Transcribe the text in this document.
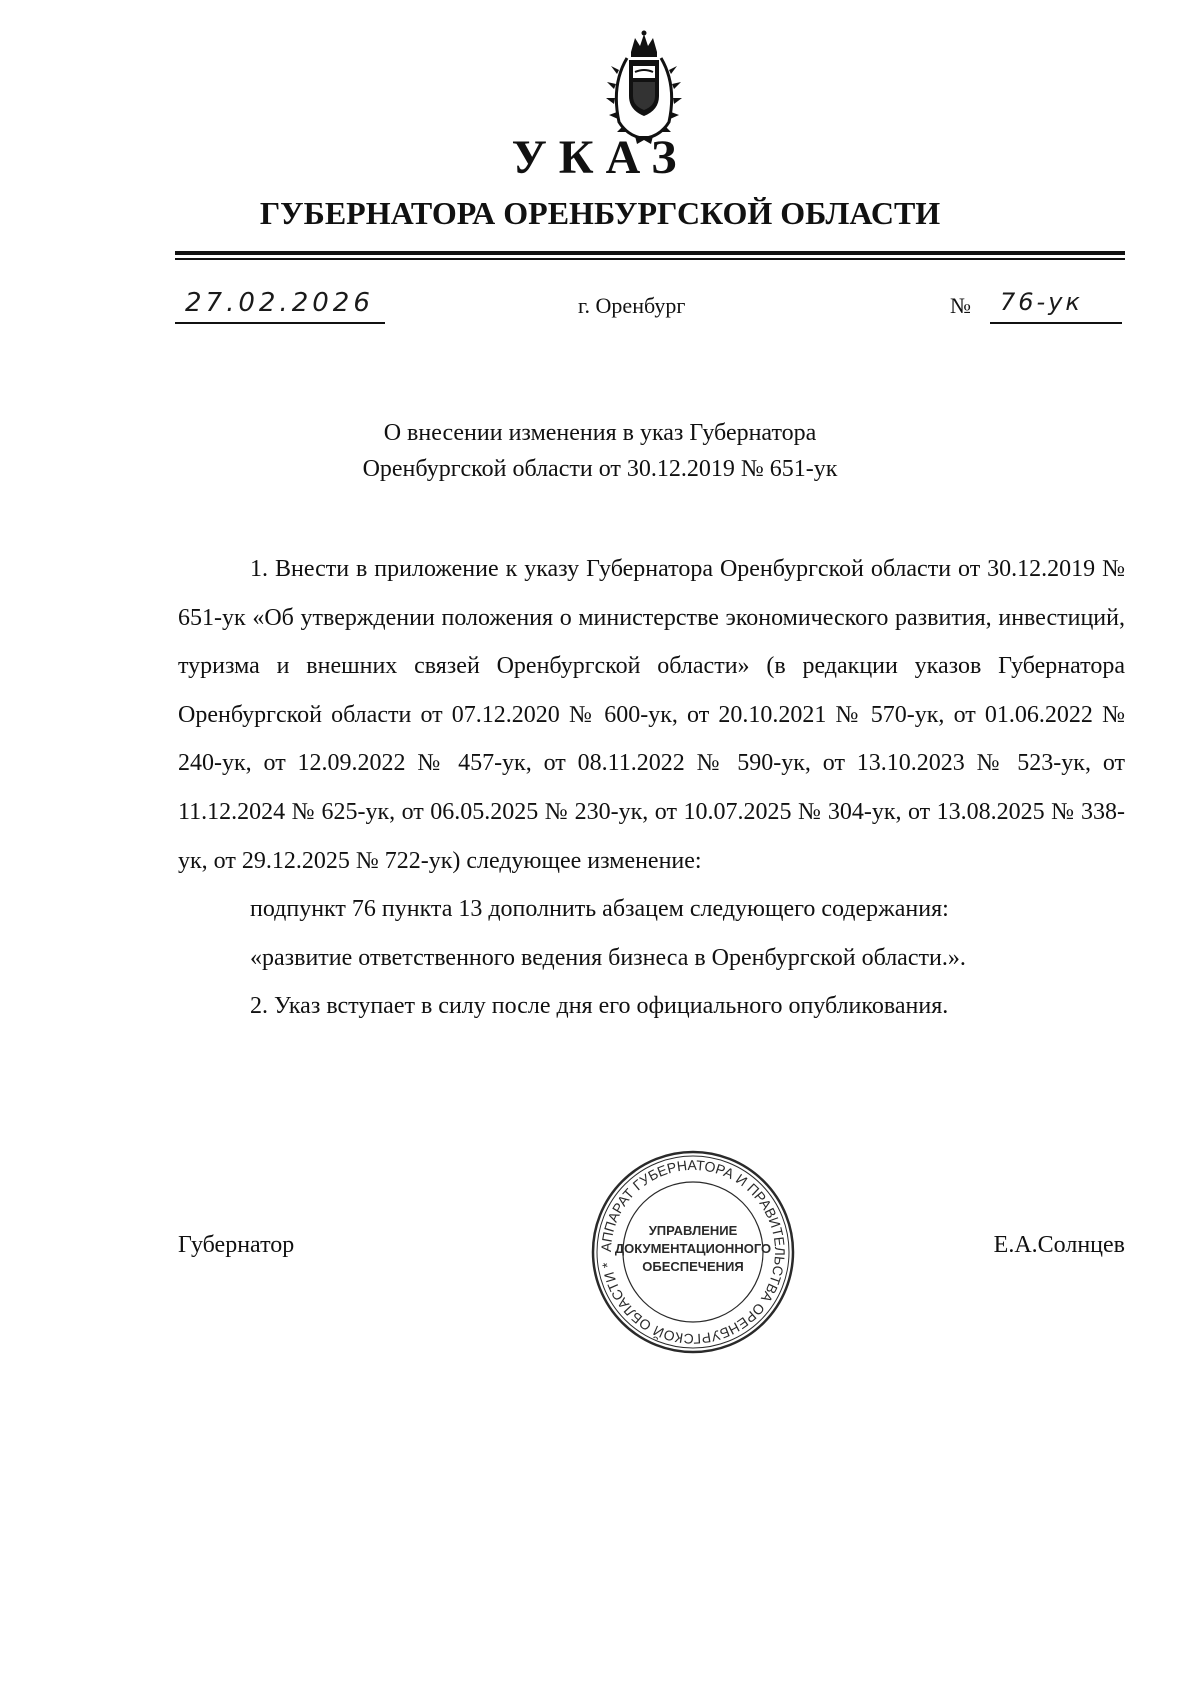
УКАЗ
ГУБЕРНАТОРА ОРЕНБУРГСКОЙ ОБЛАСТИ
27.02.2026	г. Оренбург	№ 76-ук
О внесении изменения в указ Губернатора
Оренбургской области от 30.12.2019 № 651-ук

1. Внести в приложение к указу Губернатора Оренбургской области от 30.12.2019 № 651-ук «Об утверждении положения о министерстве экономического развития, инвестиций, туризма и внешних связей Оренбургской области» (в редакции указов Губернатора Оренбургской области от 07.12.2020 № 600-ук, от 20.10.2021 № 570-ук, от 01.06.2022 № 240-ук, от 12.09.2022 № 457-ук, от 08.11.2022 № 590-ук, от 13.10.2023 № 523-ук, от 11.12.2024 № 625-ук, от 06.05.2025 № 230-ук, от 10.07.2025 № 304-ук, от 13.08.2025 № 338-ук, от 29.12.2025 № 722-ук) следующее изменение:

подпункт 76 пункта 13 дополнить абзацем следующего содержания:

«развитие ответственного ведения бизнеса в Оренбургской области.».

2. Указ вступает в силу после дня его официального опубликования.

Губернатор	Е.А.Солнцев
АППАРАТ ГУБЕРНАТОРА И ПРАВИТЕЛЬСТВА ОРЕНБУРГСКОЙ ОБЛАСТИ *
УПРАВЛЕНИЕ
ДОКУМЕНТАЦИОННОГО
ОБЕСПЕЧЕНИЯ
